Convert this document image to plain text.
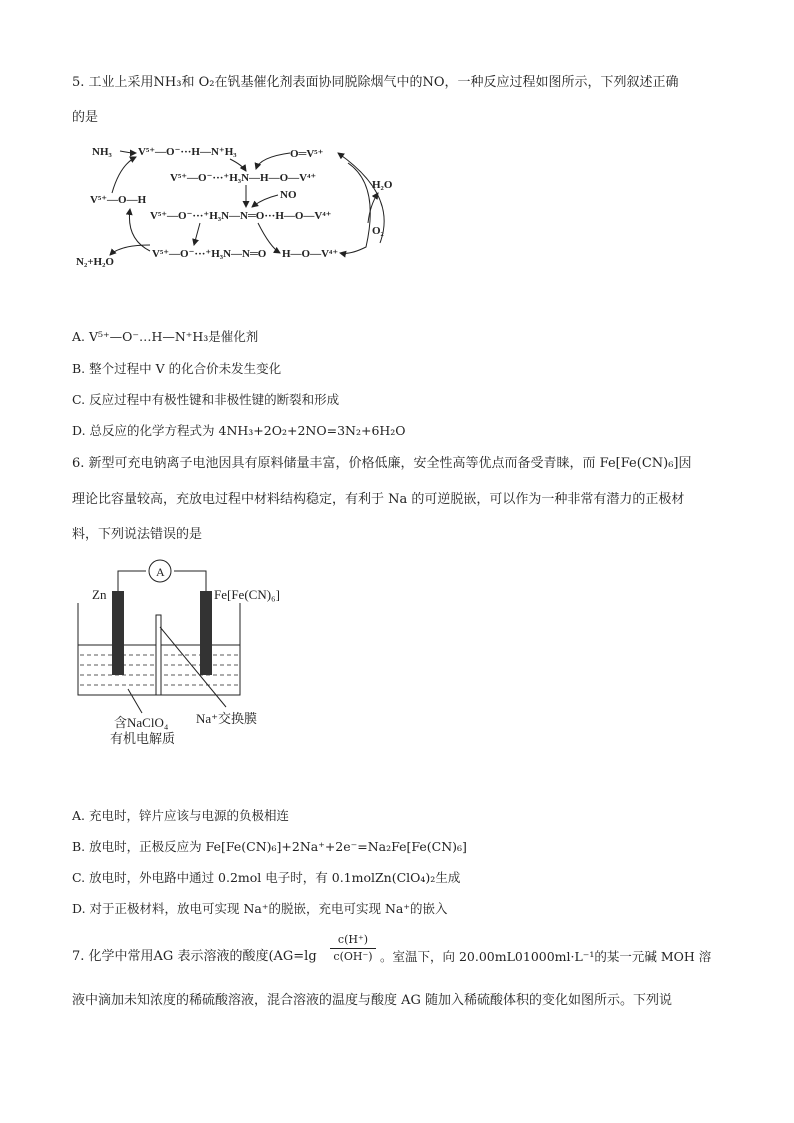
5. 工业上采用NH₃和 O₂在钒基催化剂表面协同脱除烟气中的NO，一种反应过程如图所示，下列叙述正确
的是
NH₃ V⁵⁺—O⁻···H—N⁺H₃
V⁵⁺—O—H
V⁵⁺—O⁻···⁺H₃N—H—O—V⁴⁺
O═V⁵⁺
NO
V⁵⁺—O⁻···⁺H₃N—N═O···H—O—V⁴⁺
H₂O
O₂
N₂+H₂O
V⁵⁺—O⁻···⁺H₃N—N═O H—O—V⁴⁺
A. V⁵⁺—O⁻…H—N⁺H₃是催化剂
B. 整个过程中 V 的化合价未发生变化
C. 反应过程中有极性键和非极性键的断裂和形成
D. 总反应的化学方程式为 4NH₃+2O₂+2NO=3N₂+6H₂O
6. 新型可充电钠离子电池因具有原料储量丰富，价格低廉，安全性高等优点而备受青睐，而 Fe[Fe(CN)₆]因
理论比容量较高，充放电过程中材料结构稳定，有利于 Na 的可逆脱嵌，可以作为一种非常有潜力的正极材
料，下列说法错误的是
A
Zn	Fe[Fe(CN)₆]
Na⁺交换膜
含NaClO₄
有机电解质
A. 充电时，锌片应该与电源的负极相连
B. 放电时，正极反应为 Fe[Fe(CN)₆]+2Na⁺+2e⁻=Na₂Fe[Fe(CN)₆]
C. 放电时，外电路中通过 0.2mol 电子时，有 0.1molZn(ClO₄)₂生成
D. 对于正极材料，放电可实现 Na⁺的脱嵌，充电可实现 Na⁺的嵌入
7. 化学中常用AG 表示溶液的酸度($AG=\lg \frac{c(H^+)}{c(OH^-)}$ 。室温下，向 20.00mL01000ml·L⁻¹的某一元碱 MOH 溶
液中滴加未知浓度的稀硫酸溶液，混合溶液的温度与酸度 AG 随加入稀硫酸体积的变化如图所示。下列说
